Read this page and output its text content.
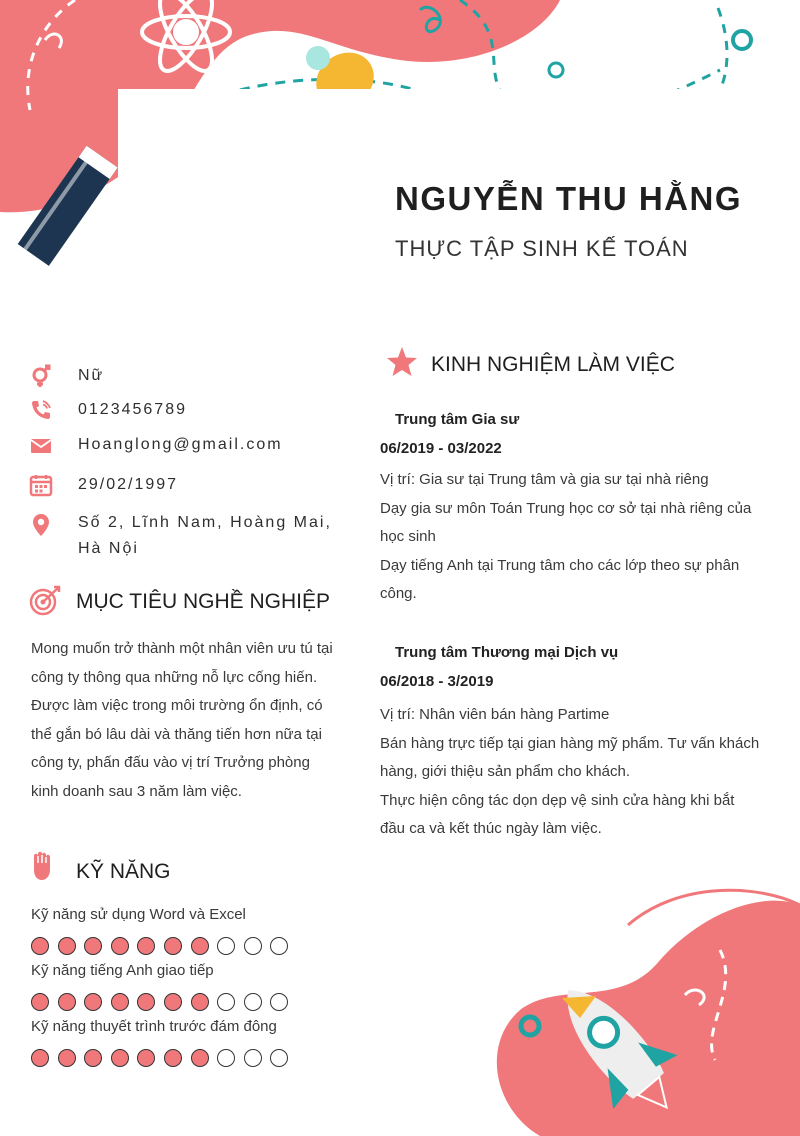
NGUYỄN THU HẰNG
THỰC TẬP SINH KẾ TOÁN
Nữ
0123456789
Hoanglong@gmail.com
29/02/1997
Số 2, Lĩnh Nam, Hoàng Mai, Hà Nội
MỤC TIÊU NGHỀ NGHIỆP
Mong muốn trở thành một nhân viên ưu tú tại công ty thông qua những nỗ lực cống hiến.
Được làm việc trong môi trường ổn định, có thể gắn bó lâu dài và thăng tiến hơn nữa tại công ty, phấn đấu vào vị trí Trưởng phòng kinh doanh sau 3 năm làm việc.
KỸ NĂNG
Kỹ năng sử dụng Word và Excel
Kỹ năng tiếng Anh giao tiếp
Kỹ năng thuyết trình trước đám đông
KINH NGHIỆM LÀM VIỆC
Trung tâm Gia sư
06/2019 - 03/2022
Vị trí: Gia sư tại Trung tâm và gia sư tại nhà riêng
Dạy gia sư môn Toán Trung học cơ sở tại nhà riêng của học sinh
Dạy tiếng Anh tại Trung tâm cho các lớp theo sự phân công.
Trung tâm Thương mại Dịch vụ
06/2018 - 3/2019
Vị trí: Nhân viên bán hàng Partime
Bán hàng trực tiếp tại gian hàng mỹ phẩm. Tư vấn khách hàng, giới thiệu sản phẩm cho khách.
Thực hiện công tác dọn dẹp vệ sinh cửa hàng khi bắt đầu ca và kết thúc ngày làm việc.
